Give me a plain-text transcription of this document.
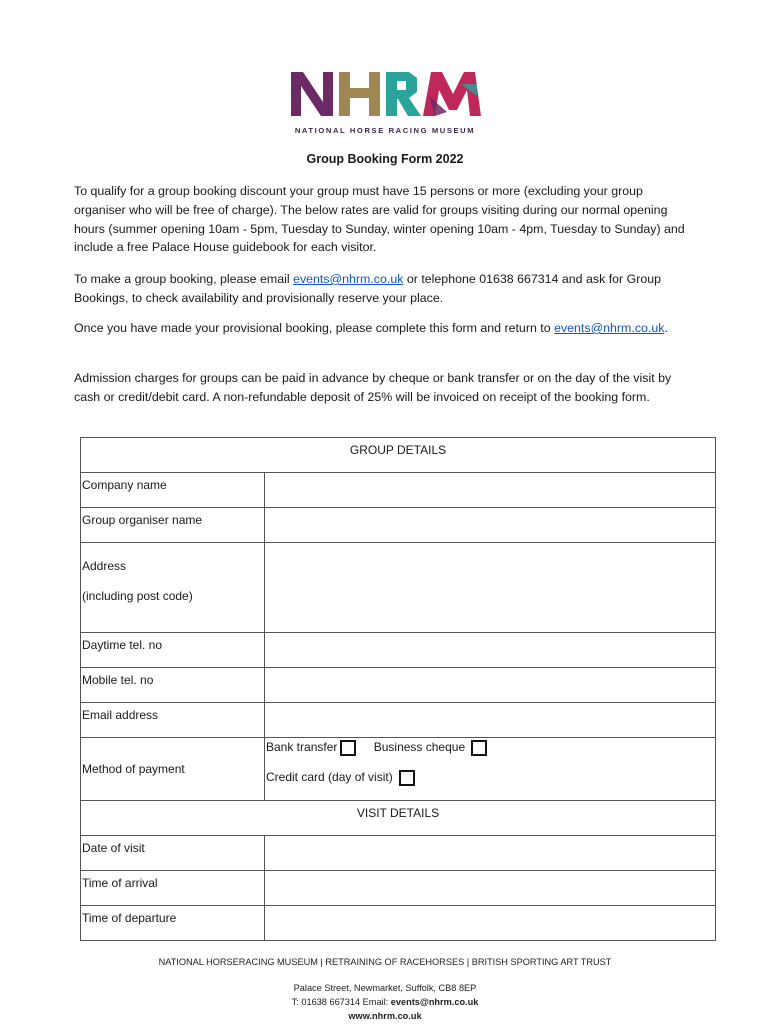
NATIONAL HORSE RACING MUSEUM
Group Booking Form 2022
To qualify for a group booking discount your group must have 15 persons or more (excluding your group organiser who will be free of charge). The below rates are valid for groups visiting during our normal opening hours (summer opening 10am - 5pm, Tuesday to Sunday, winter opening 10am - 4pm, Tuesday to Sunday) and include a free Palace House guidebook for each visitor.
To make a group booking, please email events@nhrm.co.uk or telephone 01638 667314 and ask for Group Bookings, to check availability and provisionally reserve your place.
Once you have made your provisional booking, please complete this form and return to events@nhrm.co.uk.
Admission charges for groups can be paid in advance by cheque or bank transfer or on the day of the visit by cash or credit/debit card. A non-refundable deposit of 25% will be invoiced on receipt of the booking form.
GROUP DETAILS	
Company name	
Group organiser name	

Address
(including post code)	

Daytime tel. no	
Mobile tel. no	
Email address	
Method of payment	Bank transfer Business cheque
Credit card (day of visit)

VISIT DETAILS	
Date of visit	
Time of arrival	
Time of departure	
NATIONAL HORSERACING MUSEUM | RETRAINING OF RACEHORSES | BRITISH SPORTING ART TRUST
Palace Street, Newmarket, Suffolk, CB8 8EP
T: 01638 667314 Email: events@nhrm.co.uk
www.nhrm.co.uk
